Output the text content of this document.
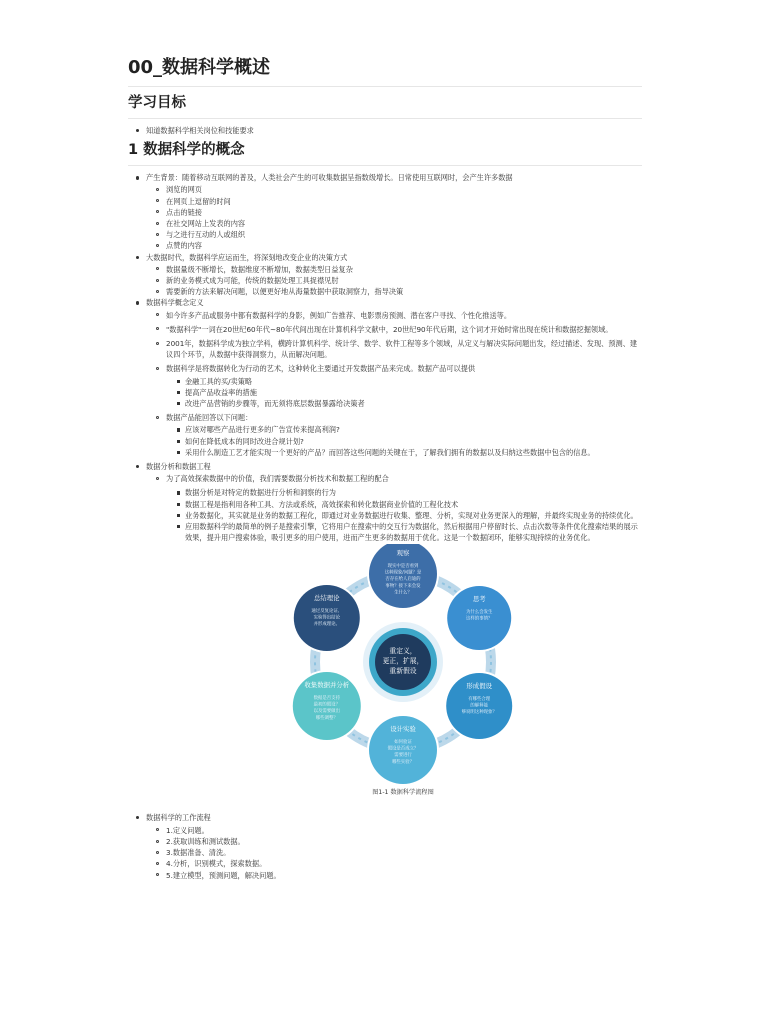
00_数据科学概述
学习目标
知道数据科学相关岗位和技能要求
1 数据科学的概念
产生背景：随着移动互联网的普及，人类社会产生的可收集数据呈指数级增长。日常使用互联网时，会产生许多数据
浏览的网页
在网页上逗留的时间
点击的链接
在社交网站上发表的内容
与之进行互动的人或组织
点赞的内容
大数据时代，数据科学应运而生，将深刻地改变企业的决策方式
数据量级不断增长，数据维度不断增加，数据类型日益复杂
新的业务模式成为可能，传统的数据处理工具捉襟见肘
需要新的方法来解决问题，以便更好地从海量数据中获取洞察力，指导决策
数据科学概念定义
如今许多产品或服务中都有数据科学的身影，例如广告推荐、电影票房预测、潜在客户寻找、个性化推送等。
"数据科学"一词在20世纪60年代~80年代间出现在计算机科学文献中，20世纪90年代后期，这个词才开始时常出现在统计和数据挖掘领域。
2001年，数据科学成为独立学科，横跨计算机科学、统计学、数学、软件工程等多个领域，从定义与解决实际问题出发，经过描述、发现、预测、建议四个环节，从数据中获得洞察力，从而解决问题。
数据科学是将数据转化为行动的艺术，这种转化主要通过开发数据产品来完成。数据产品可以提供
金融工具的买/卖策略
提高产品收益率的措施
改进产品营销的步骤等，而无须将底层数据暴露给决策者
数据产品能回答以下问题：
应该对哪些产品进行更多的广告宣传来提高利润?
如何在降低成本的同时改进合规计划?
采用什么制造工艺才能实现一个更好的产品？而回答这些问题的关键在于，了解我们拥有的数据以及归纳这些数据中包含的信息。
数据分析和数据工程
为了高效探索数据中的价值，我们需要数据分析技术和数据工程的配合
数据分析是对特定的数据进行分析和洞察的行为
数据工程是指利用各种工具、方法或系统，高效探索和转化数据商业价值的工程化技术
业务数据化，其实就是业务的数据工程化，即通过对业务数据进行收集、整理、分析，实现对业务更深入的理解，并最终实现业务的持续优化。
应用数据科学的最简单的例子是搜索引擎，它将用户在搜索中的交互行为数据化，然后根据用户停留时长、点击次数等条件优化搜索结果的展示效果，提升用户搜索体验，吸引更多的用户使用，进而产生更多的数据用于优化。这是一个数据闭环，能够实现持续的业务优化。
重定义，
更正，扩展，
重新假设
观察
现实中是否看到
这种现象/问题？是
否存在给人启迪的
事物？接下来会发
生什么？
思考
为什么会发生
这样的事情？
形成假设
有哪些合理
的解释能
够说明这种现象？
设计实验
如何验证
假设是否成立？
需要进行
哪些实验？
收集数据并分析
数据是否支持
最初的假设？
以及需要做出
哪些调整？
总结理论
通过反复论证、
实验得出结论
并形成理论。
图1-1 数据科学流程图
数据科学的工作流程
1.定义问题。
2.获取训练和测试数据。
3.数据准备、清洗。
4.分析，识别模式，探索数据。
5.建立模型，预测问题，解决问题。
